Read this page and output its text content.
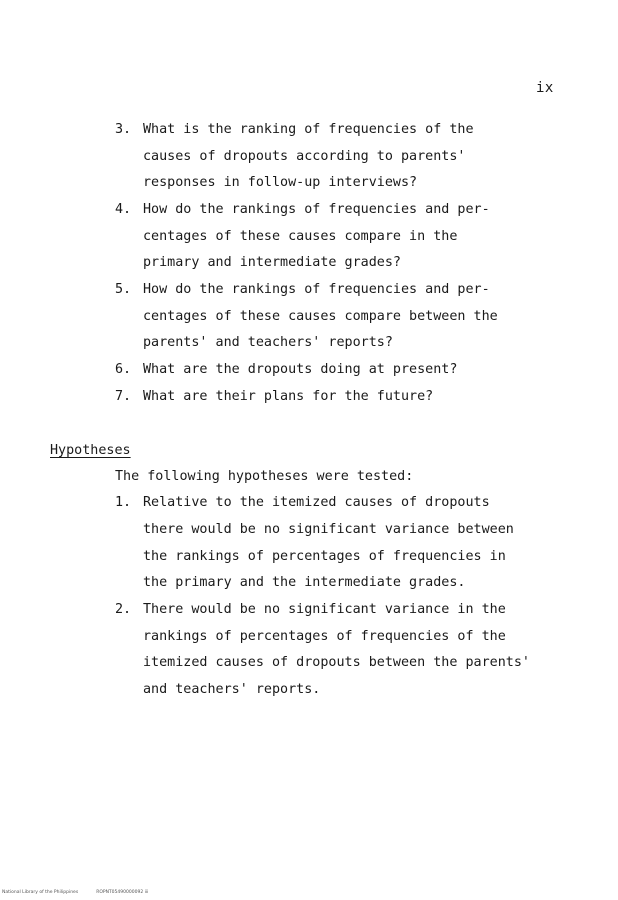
ix
3. What is the ranking of frequencies of the
causes of dropouts according to parents'
responses in follow-up interviews?
4. How do the rankings of frequencies and per-
centages of these causes compare in the
primary and intermediate grades?
5. How do the rankings of frequencies and per-
centages of these causes compare between the
parents' and teachers' reports?
6. What are the dropouts doing at present?
7. What are their plans for the future?
Hypotheses
The following hypotheses were tested:
1. Relative to the itemized causes of dropouts
there would be no significant variance between
the rankings of percentages of frequencies in
the primary and the intermediate grades.
2. There would be no significant variance in the
rankings of percentages of frequencies of the
itemized causes of dropouts between the parents'
and teachers' reports.
National Library of the Philippines	ROPNT05490000092 iii
